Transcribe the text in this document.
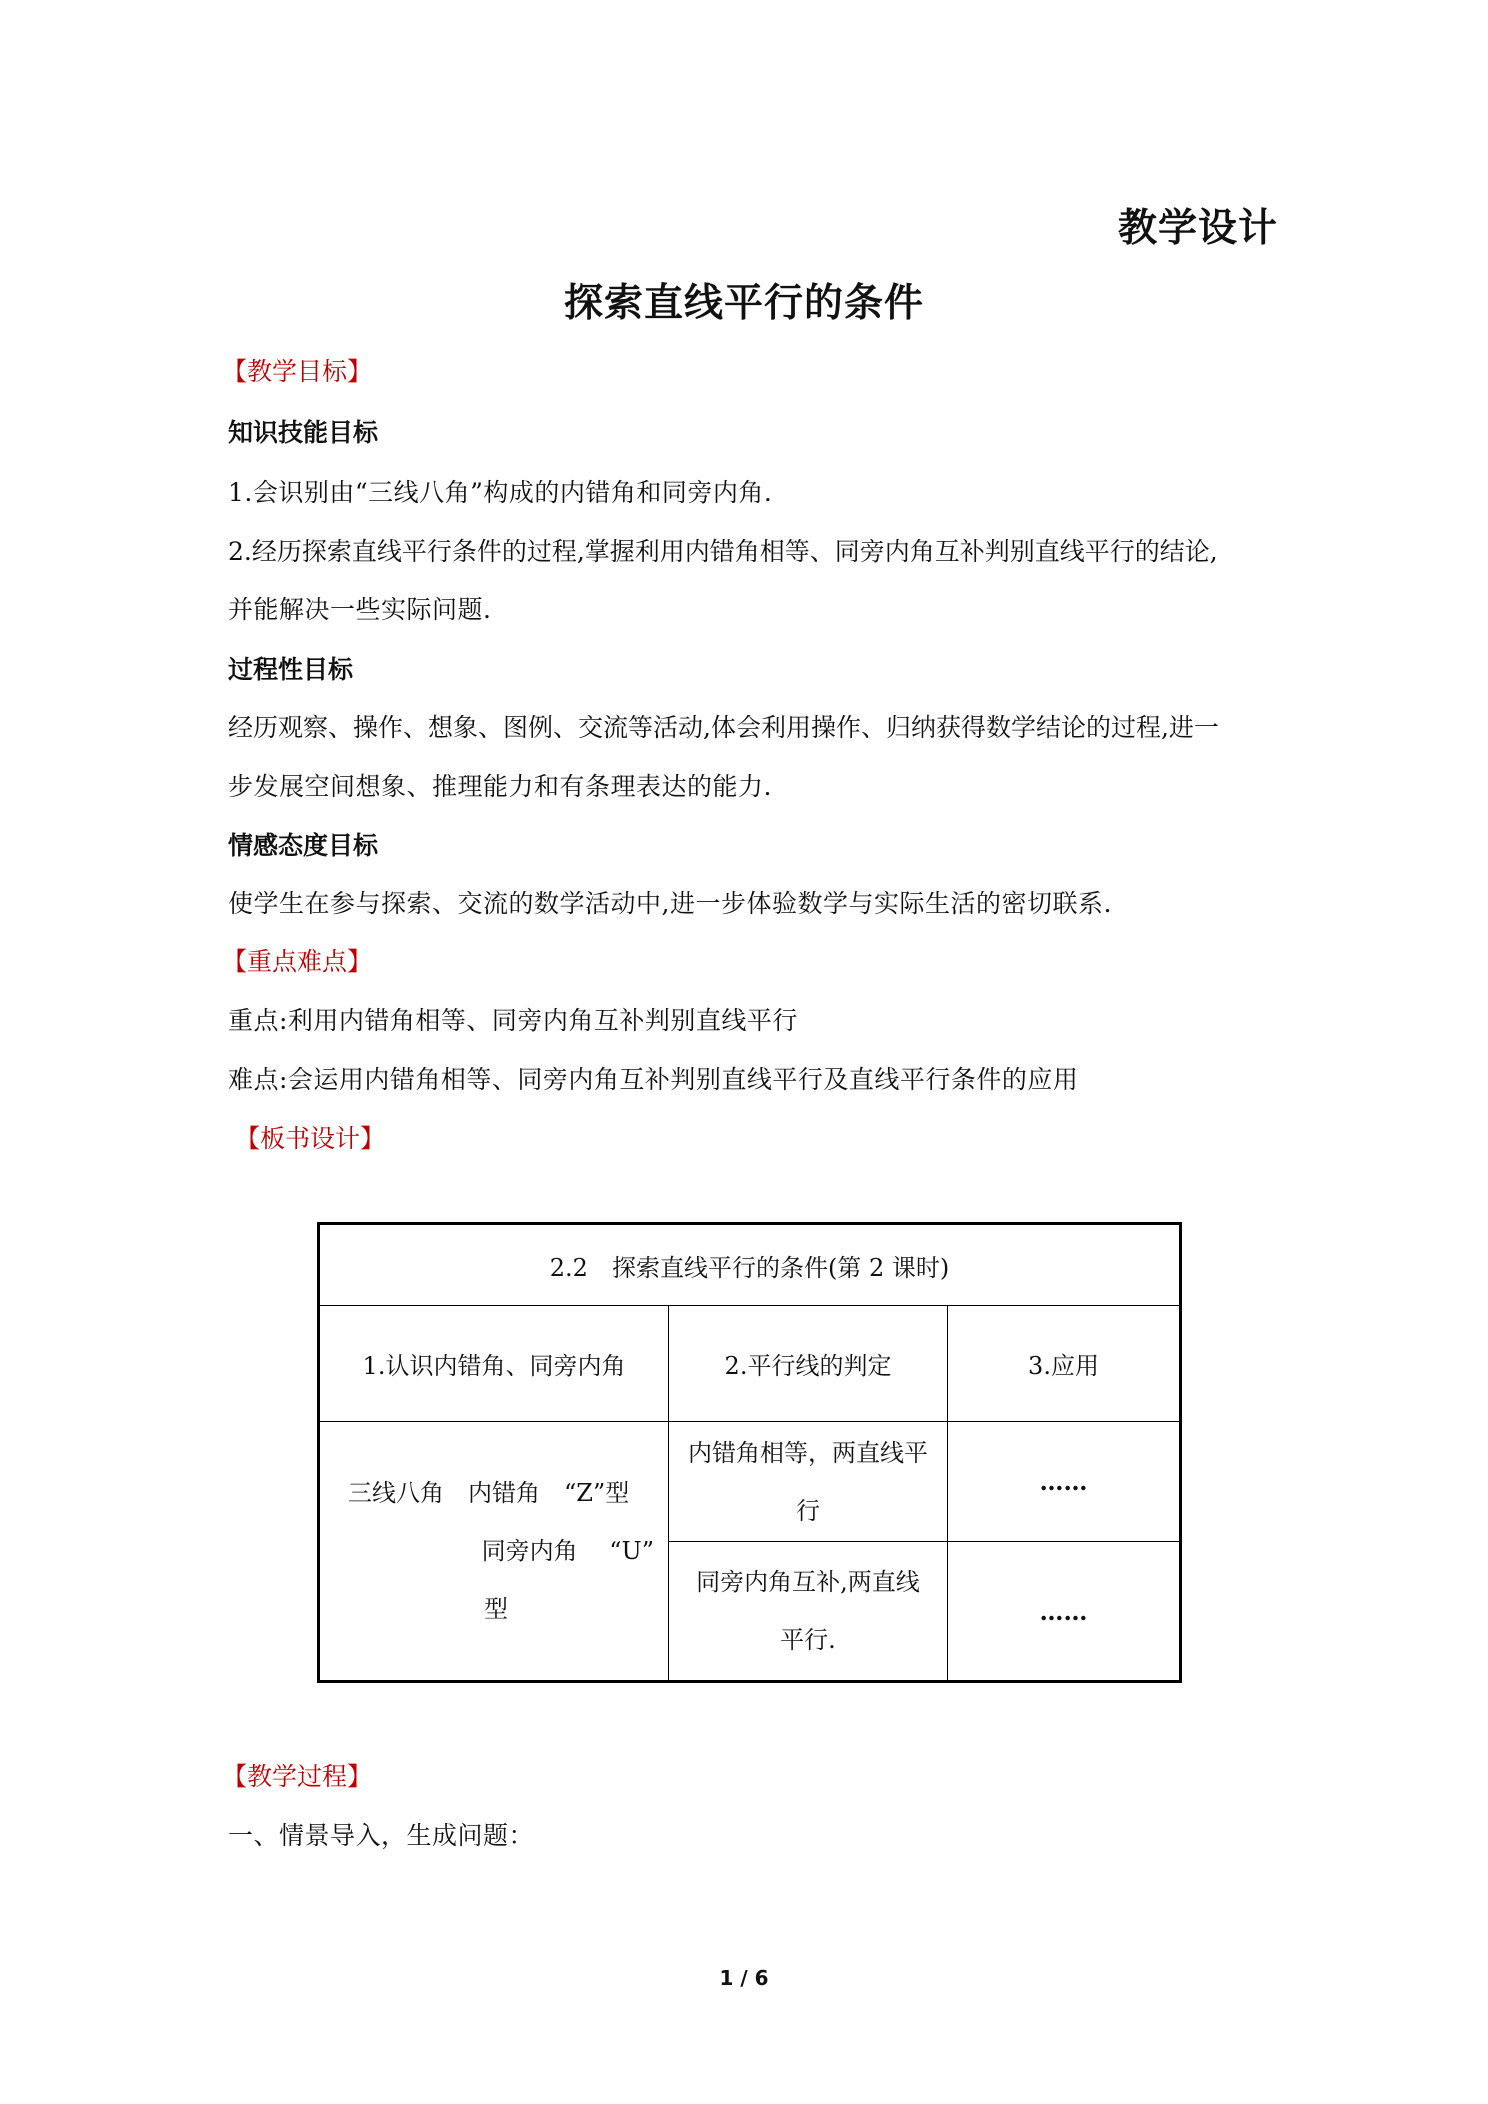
教学设计
探索直线平行的条件
【教学目标】
知识技能目标
1.会识别由“三线八角”构成的内错角和同旁内角.
2.经历探索直线平行条件的过程,掌握利用内错角相等、同旁内角互补判别直线平行的结论,
并能解决一些实际问题.
过程性目标
经历观察、操作、想象、图例、交流等活动,体会利用操作、归纳获得数学结论的过程,进一
步发展空间想象、推理能力和有条理表达的能力.
情感态度目标
使学生在参与探索、交流的数学活动中,进一步体验数学与实际生活的密切联系.
【重点难点】
重点:利用内错角相等、同旁内角互补判别直线平行
难点:会运用内错角相等、同旁内角互补判别直线平行及直线平行条件的应用
【板书设计】
2.2　探索直线平行的条件(第 2 课时)		
1.认识内错角、同旁内角	2.平行线的判定	3.应用

三线八角　内错角　“Z”型
同旁内角　 “U”
型	内错角相等，两直线平
行	……

	同旁内角互补,两直线
平行.	……
【教学过程】
一、情景导入，生成问题：
1 / 6
